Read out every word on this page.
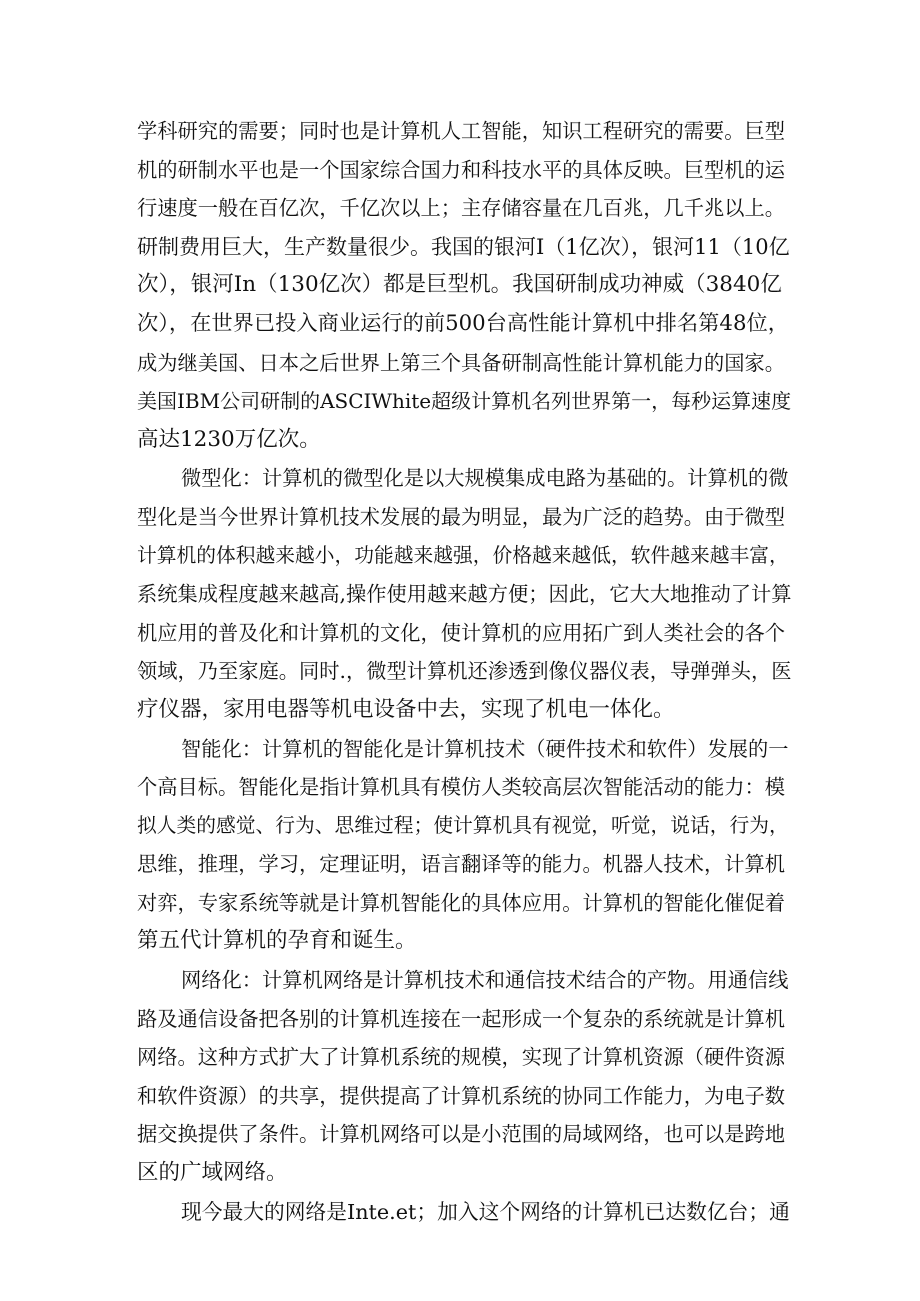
学科研究的需要；同时也是计算机人工智能，知识工程研究的需要。巨型
机的研制水平也是一个国家综合国力和科技水平的具体反映。巨型机的运
行速度一般在百亿次，千亿次以上；主存储容量在几百兆，几千兆以上。
研制费用巨大，生产数量很少。我国的银河Ⅰ（1亿次），银河11（10亿
次），银河In（130亿次）都是巨型机。我国研制成功神威（3840亿
次），在世界已投入商业运行的前500台高性能计算机中排名第48位，
成为继美国、日本之后世界上第三个具备研制高性能计算机能力的国家。
美国IBM公司研制的ASCIWhite超级计算机名列世界第一，每秒运算速度
高达1230万亿次。
微型化：计算机的微型化是以大规模集成电路为基础的。计算机的微
型化是当今世界计算机技术发展的最为明显，最为广泛的趋势。由于微型
计算机的体积越来越小，功能越来越强，价格越来越低，软件越来越丰富，
系统集成程度越来越高,操作使用越来越方便；因此，它大大地推动了计算
机应用的普及化和计算机的文化，使计算机的应用拓广到人类社会的各个
领域，乃至家庭。同时.，微型计算机还渗透到像仪器仪表，导弹弹头，医
疗仪器，家用电器等机电设备中去，实现了机电一体化。
智能化：计算机的智能化是计算机技术（硬件技术和软件）发展的一
个高目标。智能化是指计算机具有模仿人类较高层次智能活动的能力：模
拟人类的感觉、行为、思维过程；使计算机具有视觉，听觉，说话，行为，
思维，推理，学习，定理证明，语言翻译等的能力。机器人技术，计算机
对弈，专家系统等就是计算机智能化的具体应用。计算机的智能化催促着
第五代计算机的孕育和诞生。
网络化：计算机网络是计算机技术和通信技术结合的产物。用通信线
路及通信设备把各别的计算机连接在一起形成一个复杂的系统就是计算机
网络。这种方式扩大了计算机系统的规模，实现了计算机资源（硬件资源
和软件资源）的共享，提供提高了计算机系统的协同工作能力，为电子数
据交换提供了条件。计算机网络可以是小范围的局域网络，也可以是跨地
区的广域网络。
现今最大的网络是Inte.et；加入这个网络的计算机已达数亿台；通
